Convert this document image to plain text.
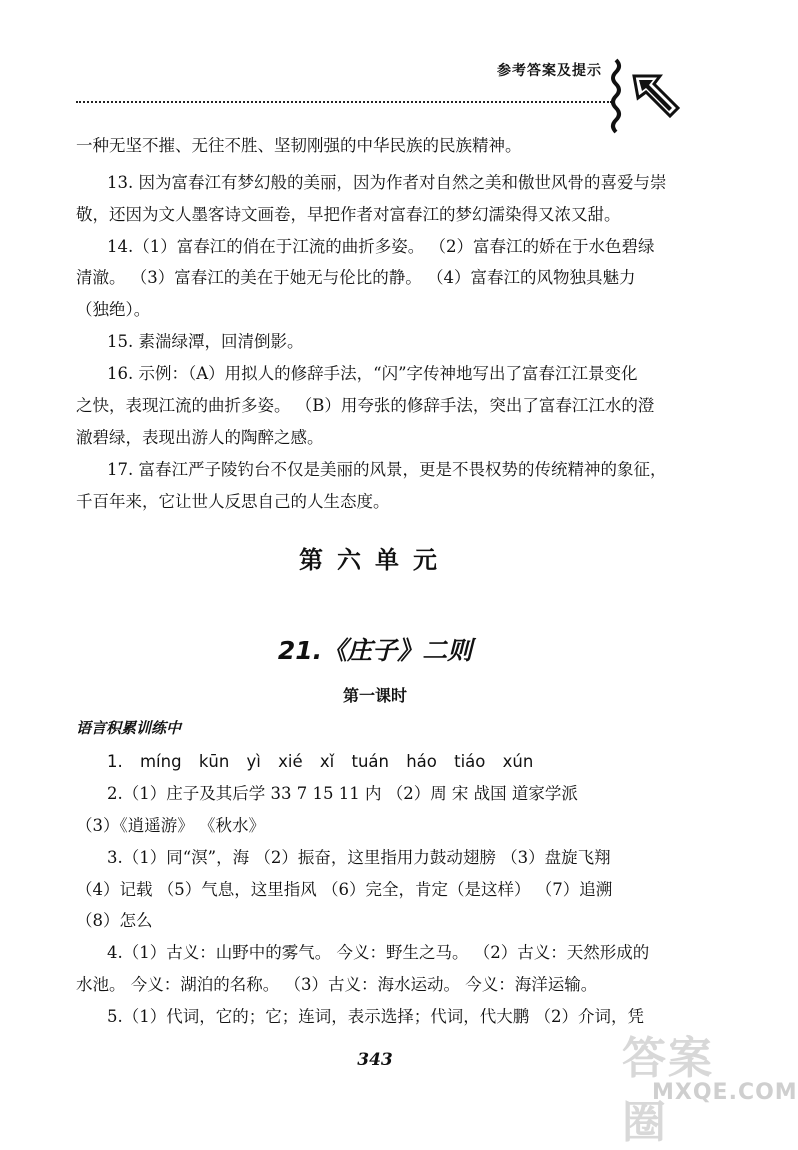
参考答案及提示
一种无坚不摧、无往不胜、坚韧刚强的中华民族的民族精神。
13. 因为富春江有梦幻般的美丽，因为作者对自然之美和傲世风骨的喜爱与崇
敬，还因为文人墨客诗文画卷，早把作者对富春江的梦幻濡染得又浓又甜。
14.（1）富春江的俏在于江流的曲折多姿。 （2）富春江的娇在于水色碧绿
清澈。 （3）富春江的美在于她无与伦比的静。 （4）富春江的风物独具魅力
（独绝）。
15. 素湍绿潭，回清倒影。
16. 示例：（A）用拟人的修辞手法，“闪”字传神地写出了富春江江景变化
之快，表现江流的曲折多姿。 （B）用夸张的修辞手法，突出了富春江江水的澄
澈碧绿，表现出游人的陶醉之感。
17. 富春江严子陵钓台不仅是美丽的风景，更是不畏权势的传统精神的象征，
千百年来，它让世人反思自己的人生态度。
第六单元
21.《庄子》二则
第一课时
语言积累训练中
1. míng kūn yì xié xǐ tuán háo tiáo xún
2.（1）庄子及其后学 33 7 15 11 内 （2）周 宋 战国 道家学派
（3）《逍遥游》 《秋水》
3.（1）同“溟”，海 （2）振奋，这里指用力鼓动翅膀 （3）盘旋飞翔
（4）记载 （5）气息，这里指风 （6）完全，肯定（是这样） （7）追溯
（8）怎么
4.（1）古义：山野中的雾气。 今义：野生之马。 （2）古义：天然形成的
水池。 今义：湖泊的名称。 （3）古义：海水运动。 今义：海洋运输。
5.（1）代词，它的；它；连词，表示选择；代词，代大鹏 （2）介词，凭
343	答案圈
MXQE.COM
